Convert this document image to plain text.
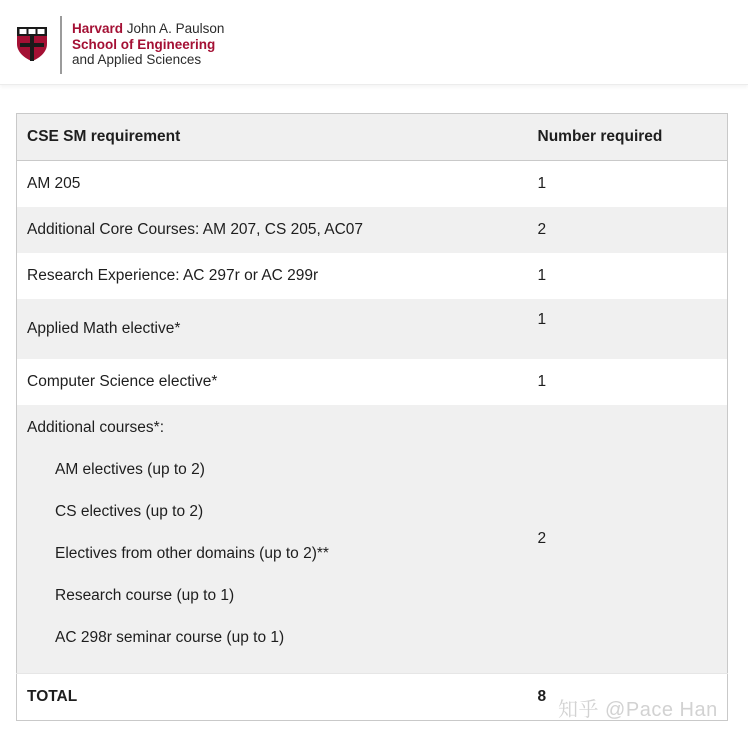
Harvard John A. Paulson
School of Engineering
and Applied Sciences
CSE SM requirement	Number required
AM 205	1
Additional Core Courses: AM 207, CS 205, AC07	2
Research Experience: AC 297r or AC 299r	1
Applied Math elective*	1
Computer Science elective*	1

Additional courses*:
AM electives (up to 2)
CS electives (up to 2)
Electives from other domains (up to 2)**
Research course (up to 1)
AC 298r seminar course (up to 1)
	2
TOTAL	8
知乎 @Pace Han
